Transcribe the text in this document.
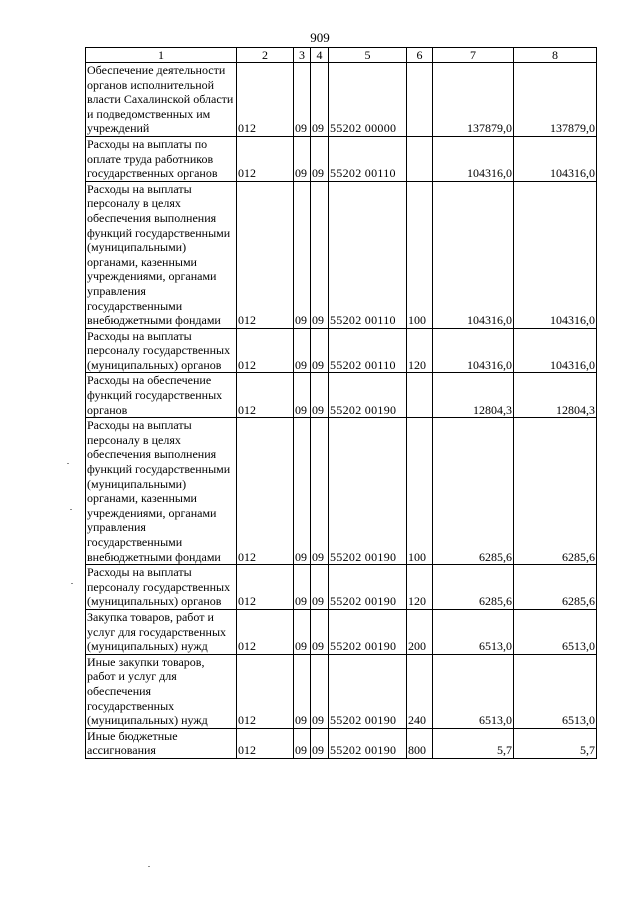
909
1	2	3	4	5	6	7	8
Обеспечение деятельности органов исполнительной власти Сахалинской области и подведомственных им учреждений	012	09	09	55202 00000		137879,0	137879,0
Расходы на выплаты по оплате труда работников государственных органов	012	09	09	55202 00110		104316,0	104316,0
Расходы на выплаты персоналу в целях обеспечения выполнения функций государственными (муниципальными) органами, казенными учреждениями, органами управления государственными внебюджетными фондами	012	09	09	55202 00110	100	104316,0	104316,0
Расходы на выплаты персоналу государственных (муниципальных) органов	012	09	09	55202 00110	120	104316,0	104316,0
Расходы на обеспечение функций государственных органов	012	09	09	55202 00190		12804,3	12804,3
Расходы на выплаты персоналу в целях обеспечения выполнения функций государственными (муниципальными) органами, казенными учреждениями, органами управления государственными внебюджетными фондами	012	09	09	55202 00190	100	6285,6	6285,6
Расходы на выплаты персоналу государственных (муниципальных) органов	012	09	09	55202 00190	120	6285,6	6285,6
Закупка товаров, работ и услуг для государственных (муниципальных) нужд	012	09	09	55202 00190	200	6513,0	6513,0
Иные закупки товаров, работ и услуг для обеспечения государственных (муниципальных) нужд	012	09	09	55202 00190	240	6513,0	6513,0
Иные бюджетные ассигнования	012	09	09	55202 00190	800	5,7	5,7
